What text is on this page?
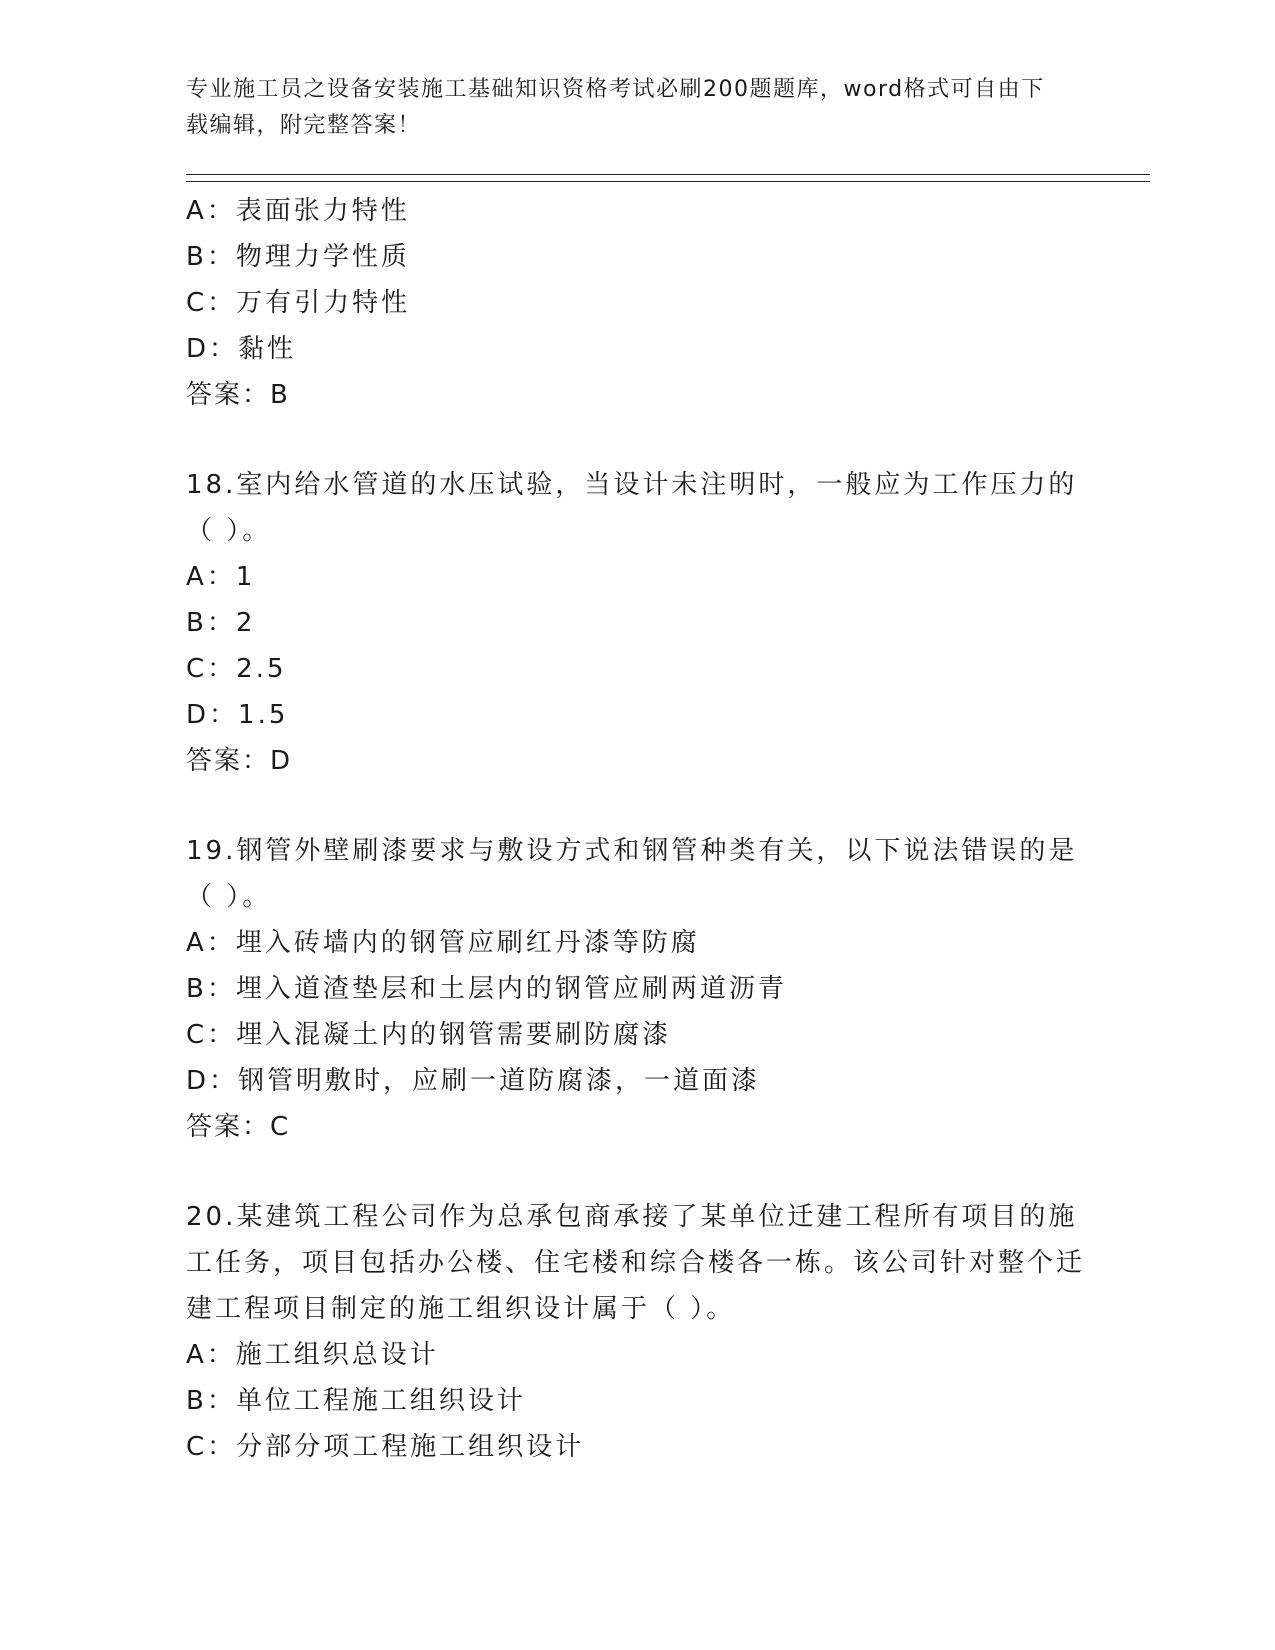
专业施工员之设备安装施工基础知识资格考试必刷200题题库，word格式可自由下载编辑，附完整答案！
A：表面张力特性
B：物理力学性质
C：万有引力特性
D：黏性
答案：B
18.室内给水管道的水压试验，当设计未注明时，一般应为工作压力的（ ）。
A：1
B：2
C：2.5
D：1.5
答案：D
19.钢管外壁刷漆要求与敷设方式和钢管种类有关，以下说法错误的是（ ）。
A：埋入砖墙内的钢管应刷红丹漆等防腐
B：埋入道渣垫层和土层内的钢管应刷两道沥青
C：埋入混凝土内的钢管需要刷防腐漆
D：钢管明敷时，应刷一道防腐漆，一道面漆
答案：C
20.某建筑工程公司作为总承包商承接了某单位迁建工程所有项目的施工任务，项目包括办公楼、住宅楼和综合楼各一栋。该公司针对整个迁建工程项目制定的施工组织设计属于（ ）。
A：施工组织总设计
B：单位工程施工组织设计
C：分部分项工程施工组织设计
